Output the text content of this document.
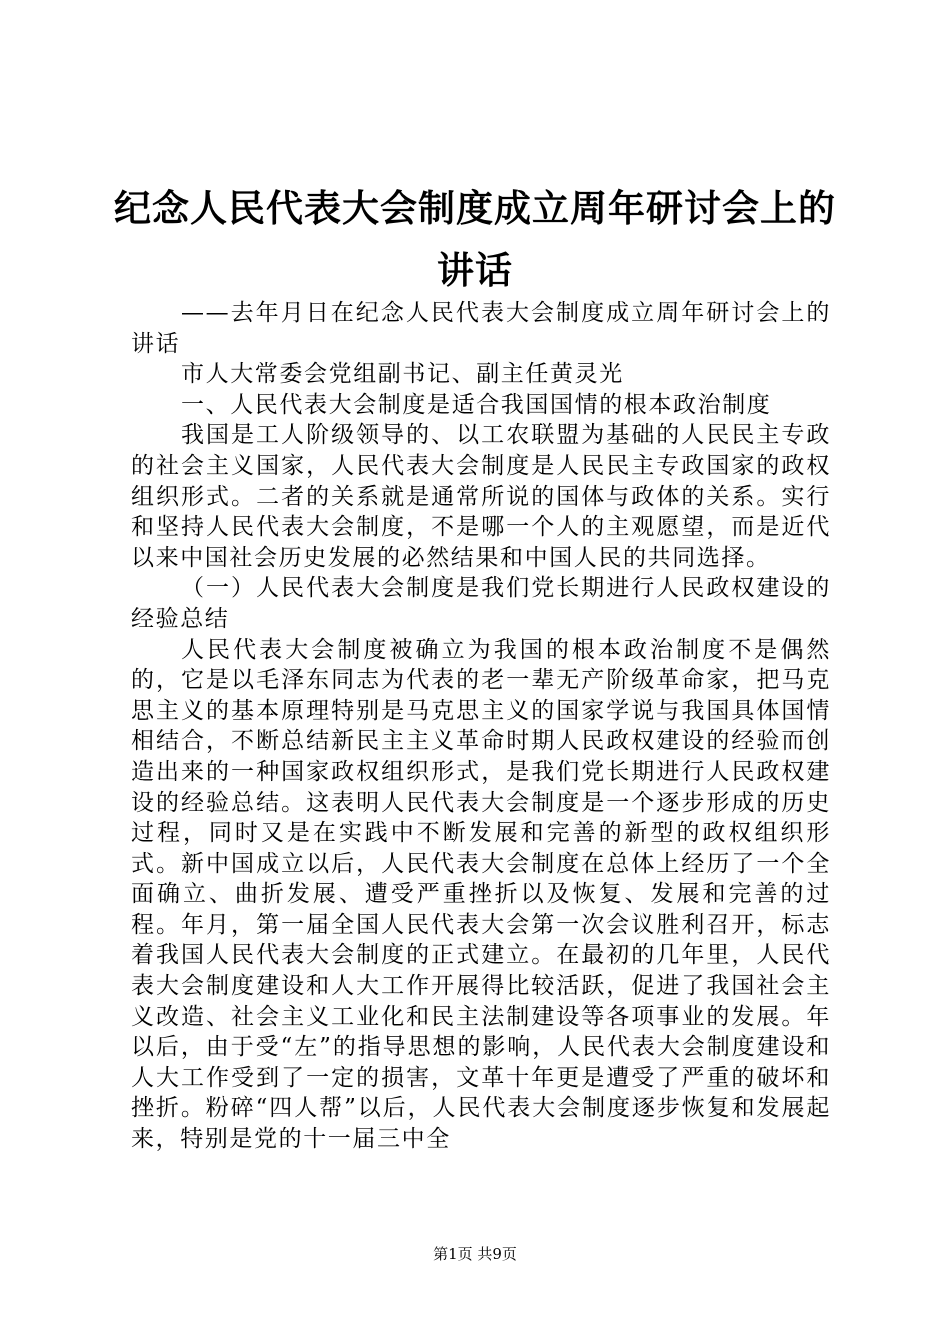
纪念人民代表大会制度成立周年研讨会上的讲话

——去年月日在纪念人民代表大会制度成立周年研讨会上的讲话

市人大常委会党组副书记、副主任黄灵光

一、人民代表大会制度是适合我国国情的根本政治制度

我国是工人阶级领导的、以工农联盟为基础的人民民主专政的社会主义国家，人民代表大会制度是人民民主专政国家的政权组织形式。二者的关系就是通常所说的国体与政体的关系。实行和坚持人民代表大会制度，不是哪一个人的主观愿望，而是近代以来中国社会历史发展的必然结果和中国人民的共同选择。

（一）人民代表大会制度是我们党长期进行人民政权建设的经验总结

人民代表大会制度被确立为我国的根本政治制度不是偶然的，它是以毛泽东同志为代表的老一辈无产阶级革命家，把马克思主义的基本原理特别是马克思主义的国家学说与我国具体国情相结合，不断总结新民主主义革命时期人民政权建设的经验而创造出来的一种国家政权组织形式，是我们党长期进行人民政权建设的经验总结。这表明人民代表大会制度是一个逐步形成的历史过程，同时又是在实践中不断发展和完善的新型的政权组织形式。新中国成立以后，人民代表大会制度在总体上经历了一个全面确立、曲折发展、遭受严重挫折以及恢复、发展和完善的过程。年月，第一届全国人民代表大会第一次会议胜利召开，标志着我国人民代表大会制度的正式建立。在最初的几年里，人民代表大会制度建设和人大工作开展得比较活跃，促进了我国社会主义改造、社会主义工业化和民主法制建设等各项事业的发展。年以后，由于受“左”的指导思想的影响，人民代表大会制度建设和人大工作受到了一定的损害，文革十年更是遭受了严重的破坏和挫折。粉碎“四人帮”以后，人民代表大会制度逐步恢复和发展起来，特别是党的十一届三中全

第1页 共9页
